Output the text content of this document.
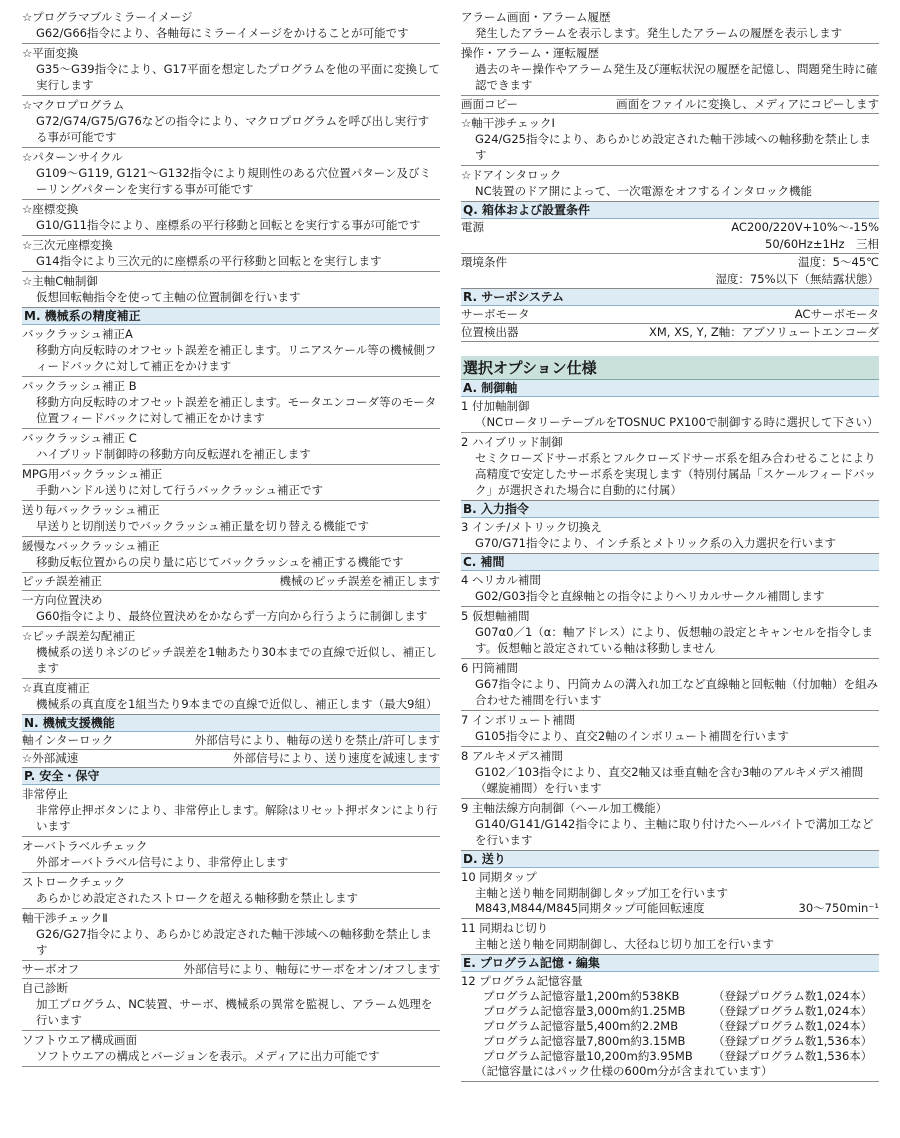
☆プログラマブルミラーイメージ
G62/G66指令により、各軸毎にミラーイメージをかけることが可能です
☆平面変換
G35～G39指令により、G17平面を想定したプログラムを他の平面に変換して実行します
☆マクロプログラム
G72/G74/G75/G76などの指令により、マクロプログラムを呼び出し実行する事が可能です
☆パターンサイクル
G109～G119, G121～G132指令により規則性のある穴位置パターン及びミーリングパターンを実行する事が可能です
☆座標変換
G10/G11指令により、座標系の平行移動と回転とを実行する事が可能です
☆三次元座標変換
G14指令により三次元的に座標系の平行移動と回転とを実行します
☆主軸C軸制御
仮想回転軸指令を使って主軸の位置制御を行います
M. 機械系の精度補正
バックラッシュ補正A
移動方向反転時のオフセット誤差を補正します。リニアスケール等の機械側フィードバックに対して補正をかけます
バックラッシュ補正 B
移動方向反転時のオフセット誤差を補正します。モータエンコーダ等のモータ位置フィードバックに対して補正をかけます
バックラッシュ補正 C
ハイブリッド制御時の移動方向反転遅れを補正します
MPG用バックラッシュ補正
手動ハンドル送りに対して行うバックラッシュ補正です
送り毎バックラッシュ補正
早送りと切削送りでバックラッシュ補正量を切り替える機能です
緩慢なバックラッシュ補正
移動反転位置からの戻り量に応じてバックラッシュを補正する機能です
ピッチ誤差補正	機械のピッチ誤差を補正します
一方向位置決め
G60指令により、最終位置決めをかならず一方向から行うように制御します
☆ピッチ誤差勾配補正
機械系の送りネジのピッチ誤差を1軸あたり30本までの直線で近似し、補正します
☆真直度補正
機械系の真直度を1組当たり9本までの直線で近似し、補正します（最大9組）
N. 機械支援機能
軸インターロック	外部信号により、軸毎の送りを禁止/許可します
☆外部減速	外部信号により、送り速度を減速します
P. 安全・保守
非常停止
非常停止押ボタンにより、非常停止します。解除はリセット押ボタンにより行います
オーバトラベルチェック
外部オーバトラベル信号により、非常停止します
ストロークチェック
あらかじめ設定されたストロークを超える軸移動を禁止します
軸干渉チェックⅡ
G26/G27指令により、あらかじめ設定された軸干渉域への軸移動を禁止します
サーボオフ	外部信号により、軸毎にサーボをオン/オフします
自己診断
加工プログラム、NC装置、サーボ、機械系の異常を監視し、アラーム処理を行います
ソフトウエア構成画面
ソフトウエアの構成とバージョンを表示。メディアに出力可能です
アラーム画面・アラーム履歴
発生したアラームを表示します。発生したアラームの履歴を表示します
操作・アラーム・運転履歴
過去のキー操作やアラーム発生及び運転状況の履歴を記憶し、問題発生時に確認できます
画面コピー	画面をファイルに変換し、メディアにコピーします
☆軸干渉チェックⅠ
G24/G25指令により、あらかじめ設定された軸干渉域への軸移動を禁止します
☆ドアインタロック
NC装置のドア開によって、一次電源をオフするインタロック機能
Q. 箱体および設置条件
電源	AC200/220V+10%～-15%
50/60Hz±1Hz　三相
環境条件	温度：5～45℃
湿度：75%以下（無結露状態）
R. サーボシステム
サーボモータ	ACサーボモータ
位置検出器	XM, XS, Y, Z軸：アブソリュートエンコーダ
選択オプション仕様
A. 制御軸
1 付加軸制御
（NCロータリーテーブルをTOSNUC PX100で制御する時に選択して下さい）
2 ハイブリッド制御
セミクローズドサーボ系とフルクローズドサーボ系を組み合わせることにより高精度で安定したサーボ系を実現します（特別付属品「スケールフィードバック」が選択された場合に自動的に付属）
B. 入力指令
3 インチ/メトリック切換え
G70/G71指令により、インチ系とメトリック系の入力選択を行います
C. 補間
4 ヘリカル補間
G02/G03指令と直線軸との指令によりヘリカルサークル補間します
5 仮想軸補間
G07α0／1（α：軸アドレス）により、仮想軸の設定とキャンセルを指令します。仮想軸と設定されている軸は移動しません
6 円筒補間
G67指令により、円筒カムの溝入れ加工など直線軸と回転軸（付加軸）を組み合わせた補間を行います
7 インボリュート補間
G105指令により、直交2軸のインボリュート補間を行います
8 アルキメデス補間
G102／103指令により、直交2軸又は垂直軸を含む3軸のアルキメデス補間（螺旋補間）を行います
9 主軸法線方向制御（ヘール加工機能）
G140/G141/G142指令により、主軸に取り付けたヘールバイトで溝加工などを行います
D. 送り
10 同期タップ
主軸と送り軸を同期制御しタップ加工を行います
M843,M844/M845同期タップ可能回転速度	30～750min⁻¹
11 同期ねじ切り
主軸と送り軸を同期制御し、大径ねじ切り加工を行います
E. プログラム記憶・編集
12 プログラム記憶容量
プログラム記憶容量1,200m約538KB	（登録プログラム数1,024本）
プログラム記憶容量3,000m約1.25MB	（登録プログラム数1,024本）
プログラム記憶容量5,400m約2.2MB	（登録プログラム数1,024本）
プログラム記憶容量7,800m約3.15MB	（登録プログラム数1,536本）
プログラム記憶容量10,200m約3.95MB	（登録プログラム数1,536本）
（記憶容量にはパック仕様の600m分が含まれています）
